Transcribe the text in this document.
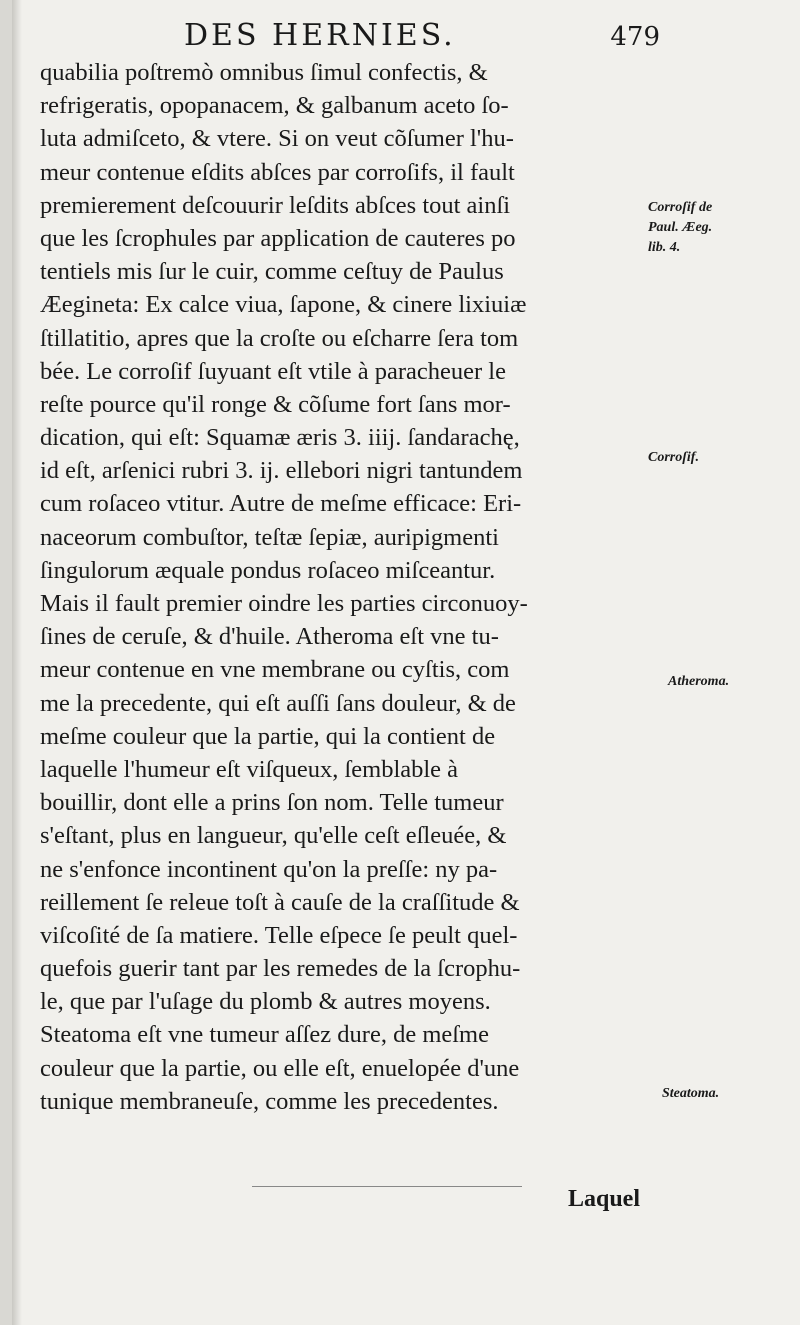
DES HERNIES.	479
quabilia poſtremò omnibus ſimul confectis, &
refrigeratis, opopanacem, & galbanum aceto ſo-
luta admiſceto, & vtere. Si on veut cõſumer l'hu-
meur contenue eſdits abſces par corroſifs, il fault
premierement deſcouurir leſdits abſces tout ainſi
que les ſcrophules par application de cauteres po
tentiels mis ſur le cuir, comme ceſtuy de Paulus
Æegineta: Ex calce viua, ſapone, & cinere lixiuiæ
ſtillatitio, apres que la croſte ou eſcharre ſera tom
bée. Le corroſif ſuyuant eſt vtile à paracheuer le
reſte pource qu'il ronge & cõſume fort ſans mor-
dication, qui eſt: Squamæ æris 3. iiij. ſandarachę,
id eſt, arſenici rubri 3. ij. ellebori nigri tantundem
cum roſaceo vtitur. Autre de meſme efficace: Eri-
naceorum combuſtor, teſtæ ſepiæ, auripigmenti
ſingulorum æquale pondus roſaceo miſceantur.
Mais il fault premier oindre les parties circonuoy-
ſines de ceruſe, & d'huile. Atheroma eſt vne tu-
meur contenue en vne membrane ou cyſtis, com
me la precedente, qui eſt auſſi ſans douleur, & de
meſme couleur que la partie, qui la contient de
laquelle l'humeur eſt viſqueux, ſemblable à
bouillir, dont elle a prins ſon nom. Telle tumeur
s'eſtant, plus en langueur, qu'elle ceſt eſleuée, &
ne s'enfonce incontinent qu'on la preſſe: ny pa-
reillement ſe releue toſt à cauſe de la craſſitude &
viſcoſité de ſa matiere. Telle eſpece ſe peult quel-
quefois guerir tant par les remedes de la ſcrophu-
le, que par l'uſage du plomb & autres moyens.
Steatoma eſt vne tumeur aſſez dure, de meſme
couleur que la partie, ou elle eſt, enuelopée d'une
tunique membraneuſe, comme les precedentes.
Corroſif de
Paul. Æeg.
lib. 4.
Corroſif.
Atheroma.
Steatoma.
Laquel
